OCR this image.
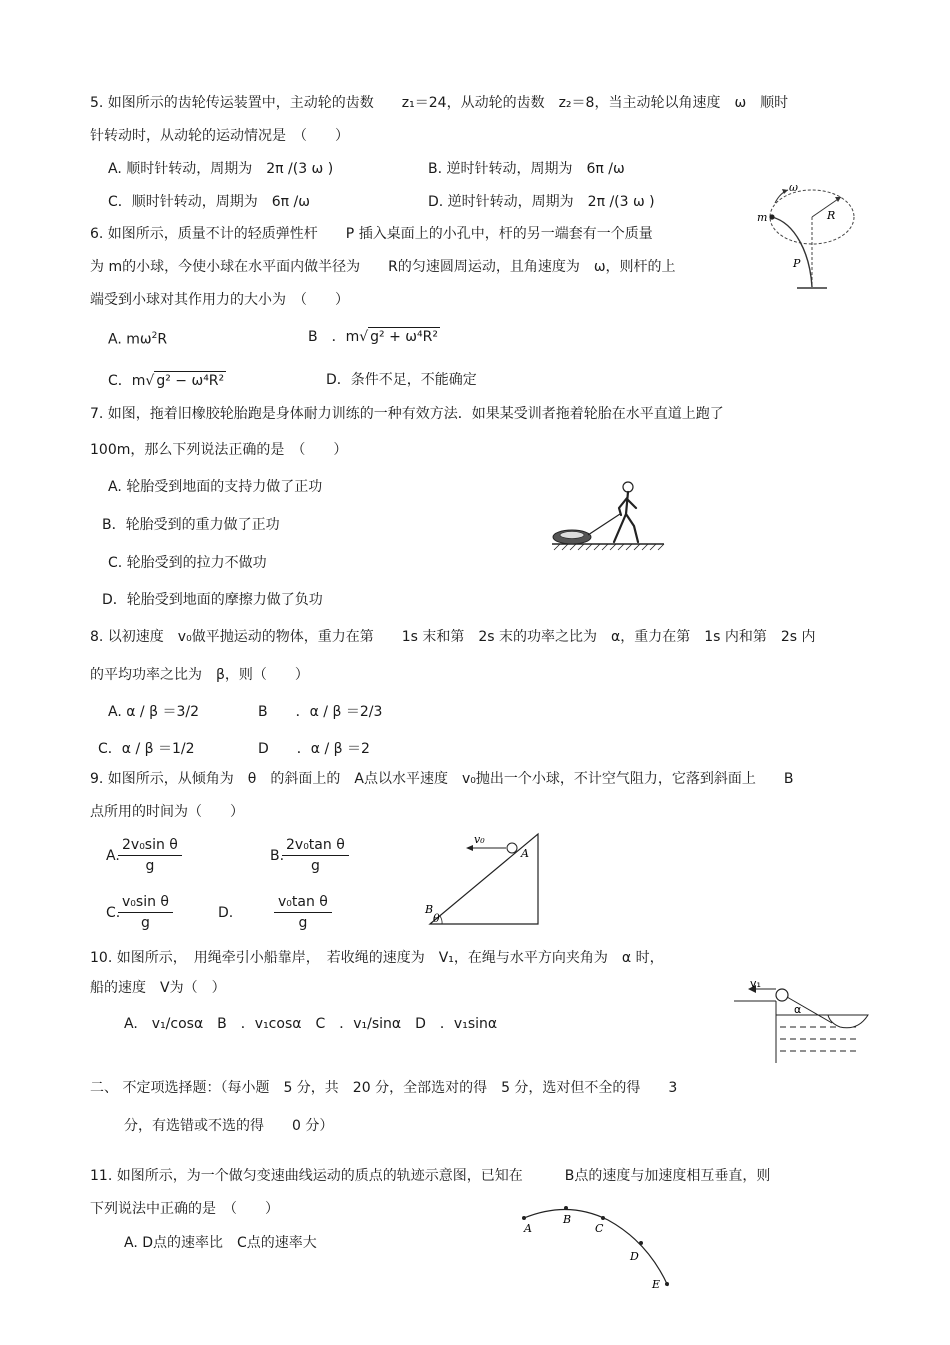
5. 如图所示的齿轮传运装置中，主动轮的齿数　　z₁＝24，从动轮的齿数　z₂＝8，当主动轮以角速度　ω　顺时
针转动时，从动轮的运动情况是　（　　）
A. 顺时针转动，周期为　2π /(3 ω )	B. 逆时针转动，周期为　6π /ω
C．顺时针转动，周期为　6π /ω	D. 逆时针转动，周期为　2π /(3 ω )
6. 如图所示，质量不计的轻质弹性杆　　P 插入桌面上的小孔中，杆的另一端套有一个质量
为 m的小球，今使小球在水平面内做半径为　　R的匀速圆周运动，且角速度为　ω，则杆的上
端受到小球对其作用力的大小为　（　　）
A. $m\omega^2R$	B　．m√ g² + ω⁴R²
C．m√ g² − ω⁴R²	D．条件不足，不能确定
ω
R
m
P
7. 如图，拖着旧橡胶轮胎跑是身体耐力训练的一种有效方法．如果某受训者拖着轮胎在水平直道上跑了
100m，那么下列说法正确的是　（　　）
A. 轮胎受到地面的支持力做了正功
B．轮胎受到的重力做了正功
C. 轮胎受到的拉力不做功
D．轮胎受到地面的摩擦力做了负功
8. 以初速度　v₀做平抛运动的物体，重力在第　　1s 末和第　2s 末的功率之比为　α，重力在第　1s 内和第　2s 内
的平均功率之比为　β，则（　　）
A. α / β ＝3/2	B　　．α / β ＝2/3
C．α / β ＝1/2	D　　．α / β ＝2
9. 如图所示，从倾角为　θ　的斜面上的　A点以水平速度　v₀抛出一个小球，不计空气阻力，它落到斜面上　　B
点所用的时间为（　　）
A.
$\frac{\text{2v₀sin θ}}{g}$	B.
$\frac{\text{2v₀tan θ}}{g}$
C.
$\frac{\text{v₀sin θ}}{g}$	D.	$\frac{\text{v₀tan θ}}{g}$
v₀
A
B
θ
10. 如图所示，　用绳牵引小船靠岸，　若收绳的速度为　V₁，在绳与水平方向夹角为　α 时，
船的速度　V为（　）
A.　v₁/cosα　B　．v₁cosα　C　．v₁/sinα　D　．v₁sinα
v₁
α
二、 不定项选择题：（每小题　5 分，共　20 分，全部选对的得　5 分，选对但不全的得　　3
分，有选错或不选的得　　0 分）
11. 如图所示，为一个做匀变速曲线运动的质点的轨迹示意图，已知在　　　B点的速度与加速度相互垂直，则
下列说法中正确的是　（　　）
A. D点的速率比　C点的速率大
A
B
C
D
E
